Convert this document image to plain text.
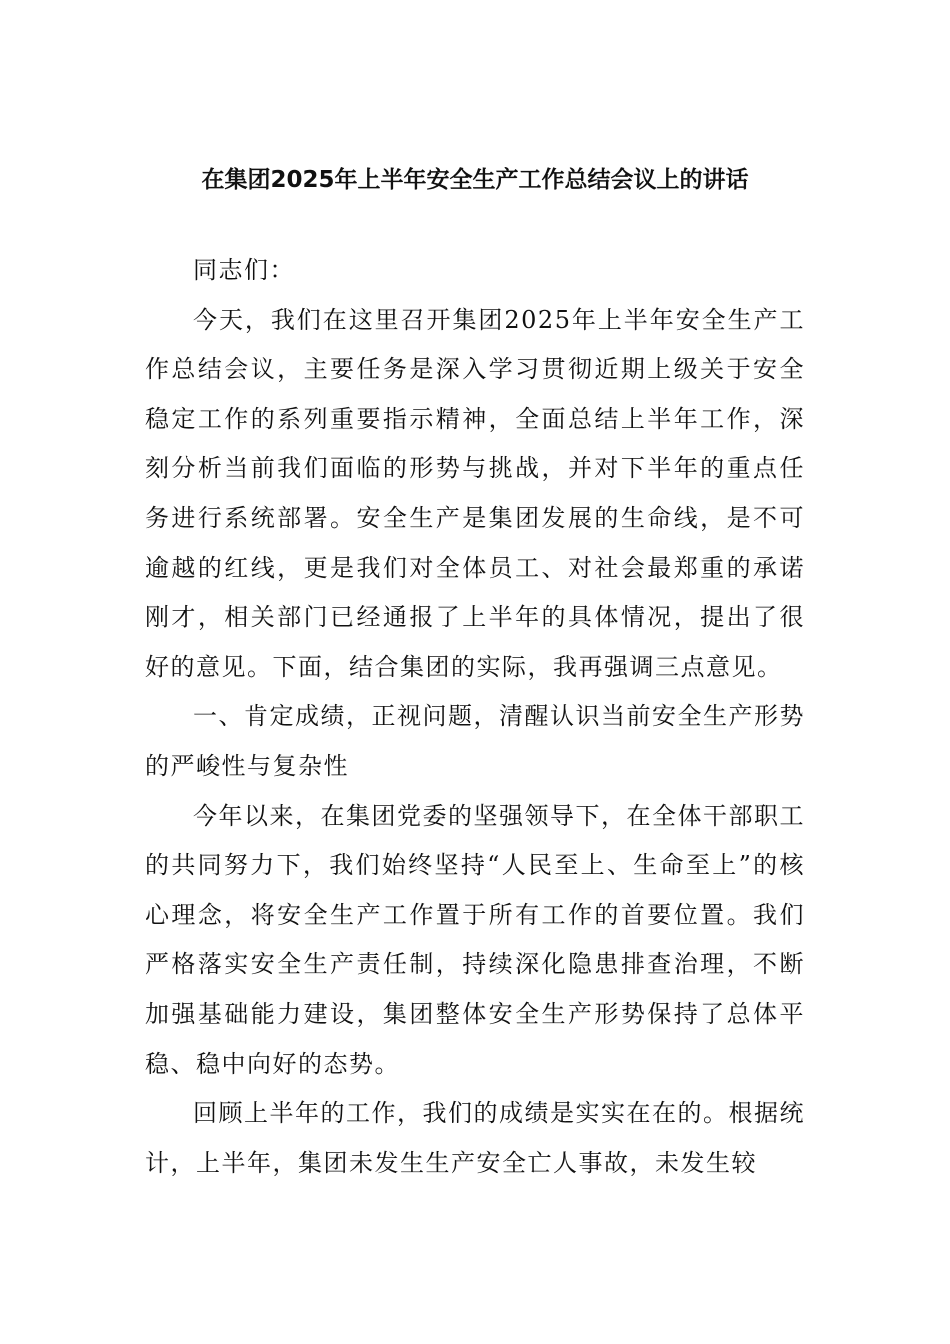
在集团2025年上半年安全生产工作总结会议上的讲话

同志们：

今天，我们在这里召开集团2025年上半年安全生产工作总结会议，主要任务是深入学习贯彻近期上级关于安全稳定工作的系列重要指示精神，全面总结上半年工作，深刻分析当前我们面临的形势与挑战，并对下半年的重点任务进行系统部署。安全生产是集团发展的生命线，是不可逾越的红线，更是我们对全体员工、对社会最郑重的承诺刚才，相关部门已经通报了上半年的具体情况，提出了很好的意见。下面，结合集团的实际，我再强调三点意见。

一、肯定成绩，正视问题，清醒认识当前安全生产形势的严峻性与复杂性

今年以来，在集团党委的坚强领导下，在全体干部职工的共同努力下，我们始终坚持“人民至上、生命至上”的核心理念，将安全生产工作置于所有工作的首要位置。我们严格落实安全生产责任制，持续深化隐患排查治理，不断加强基础能力建设，集团整体安全生产形势保持了总体平稳、稳中向好的态势。

回顾上半年的工作，我们的成绩是实实在在的。根据统计，上半年，集团未发生生产安全亡人事故，未发生较
